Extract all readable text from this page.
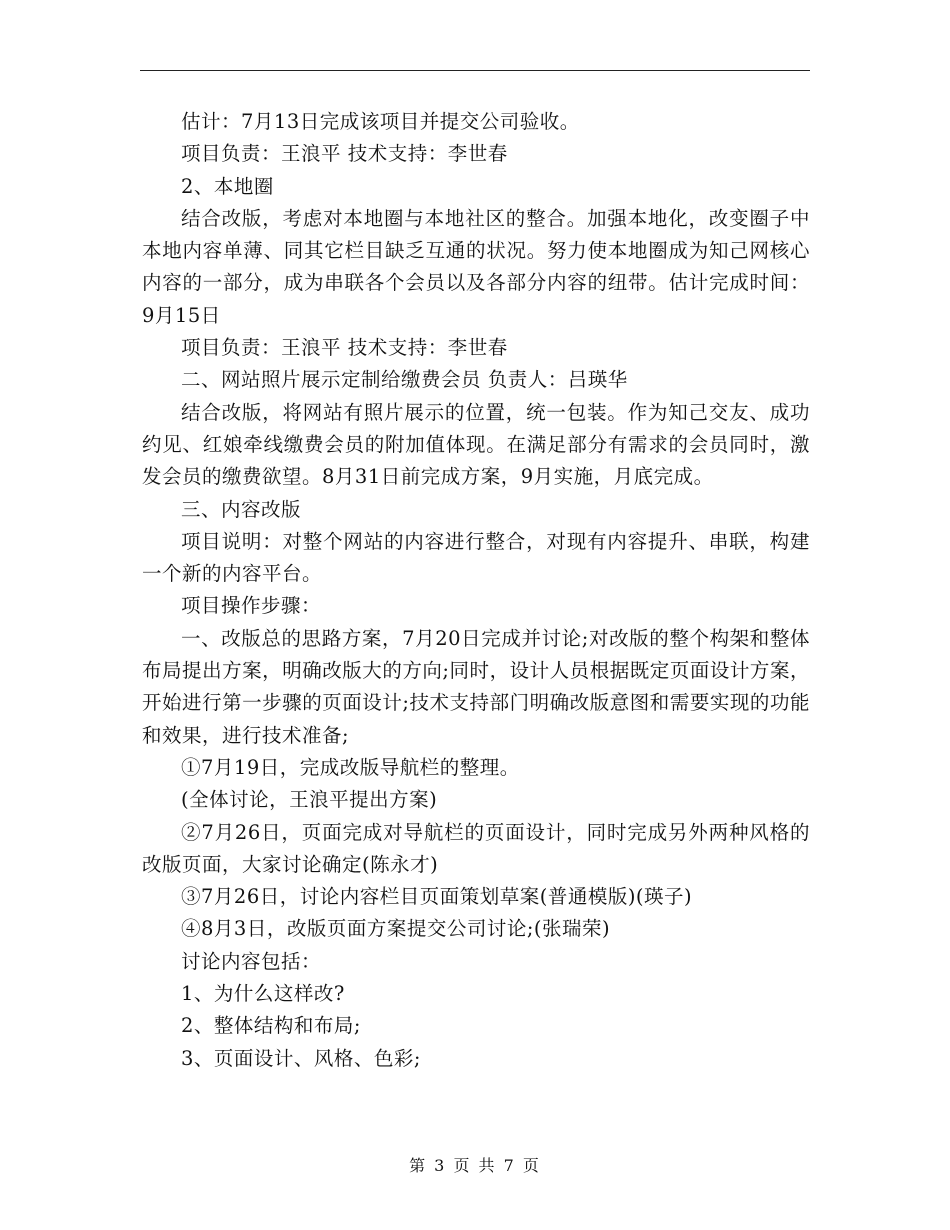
估计：7月13日完成该项目并提交公司验收。

项目负责：王浪平 技术支持：李世春

2、本地圈

结合改版，考虑对本地圈与本地社区的整合。加强本地化，改变圈子中本地内容单薄、同其它栏目缺乏互通的状况。努力使本地圈成为知己网核心内容的一部分，成为串联各个会员以及各部分内容的纽带。估计完成时间：9月15日

项目负责：王浪平 技术支持：李世春

二、网站照片展示定制给缴费会员 负责人：吕瑛华

结合改版，将网站有照片展示的位置，统一包装。作为知己交友、成功约见、红娘牵线缴费会员的附加值体现。在满足部分有需求的会员同时，激发会员的缴费欲望。8月31日前完成方案，9月实施，月底完成。

三、内容改版

项目说明：对整个网站的内容进行整合，对现有内容提升、串联，构建一个新的内容平台。

项目操作步骤：

一、改版总的思路方案，7月20日完成并讨论;对改版的整个构架和整体布局提出方案，明确改版大的方向;同时，设计人员根据既定页面设计方案，开始进行第一步骤的页面设计;技术支持部门明确改版意图和需要实现的功能和效果，进行技术准备;

①7月19日，完成改版导航栏的整理。

(全体讨论，王浪平提出方案)

②7月26日，页面完成对导航栏的页面设计，同时完成另外两种风格的改版页面，大家讨论确定(陈永才)

③7月26日，讨论内容栏目页面策划草案(普通模版)(瑛子)

④8月3日，改版页面方案提交公司讨论;(张瑞荣)

讨论内容包括：

1、为什么这样改?

2、整体结构和布局;

3、页面设计、风格、色彩;

第 3 页 共 7 页
